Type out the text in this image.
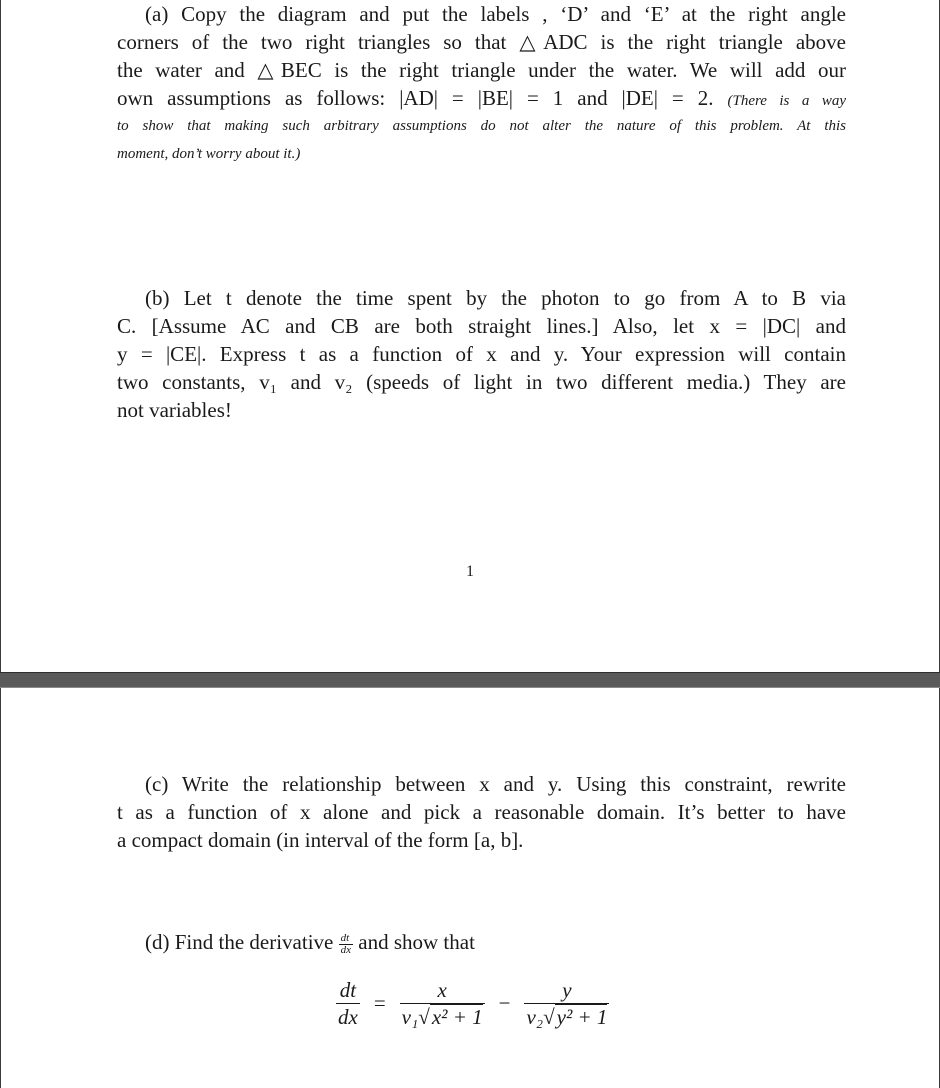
(a) Copy the diagram and put the labels , ‘D’ and ‘E’ at the right angle
corners of the two right triangles so that △ADC is the right triangle above
the water and △BEC is the right triangle under the water. We will add our
own assumptions as follows: |AD| = |BE| = 1 and |DE| = 2. (There is a way
to show that making such arbitrary assumptions do not alter the nature of this problem. At this
moment, don’t worry about it.)
(b) Let t denote the time spent by the photon to go from A to B via
C. [Assume AC and CB are both straight lines.] Also, let x = |DC| and
y = |CE|. Express t as a function of x and y. Your expression will contain
two constants, v₁ and v₂ (speeds of light in two different media.) They are
not variables!
1
(c) Write the relationship between x and y. Using this constraint, rewrite
t as a function of x alone and pick a reasonable domain. It’s better to have
a compact domain (in interval of the form [a, b].
(d) Find the derivative $\frac{dt}{dx}$ and show that
$\frac{dt}{dx} = \frac{x}{\text{v₁√x² + 1}} - \frac{y}{\text{v₂√y² + 1}}$
